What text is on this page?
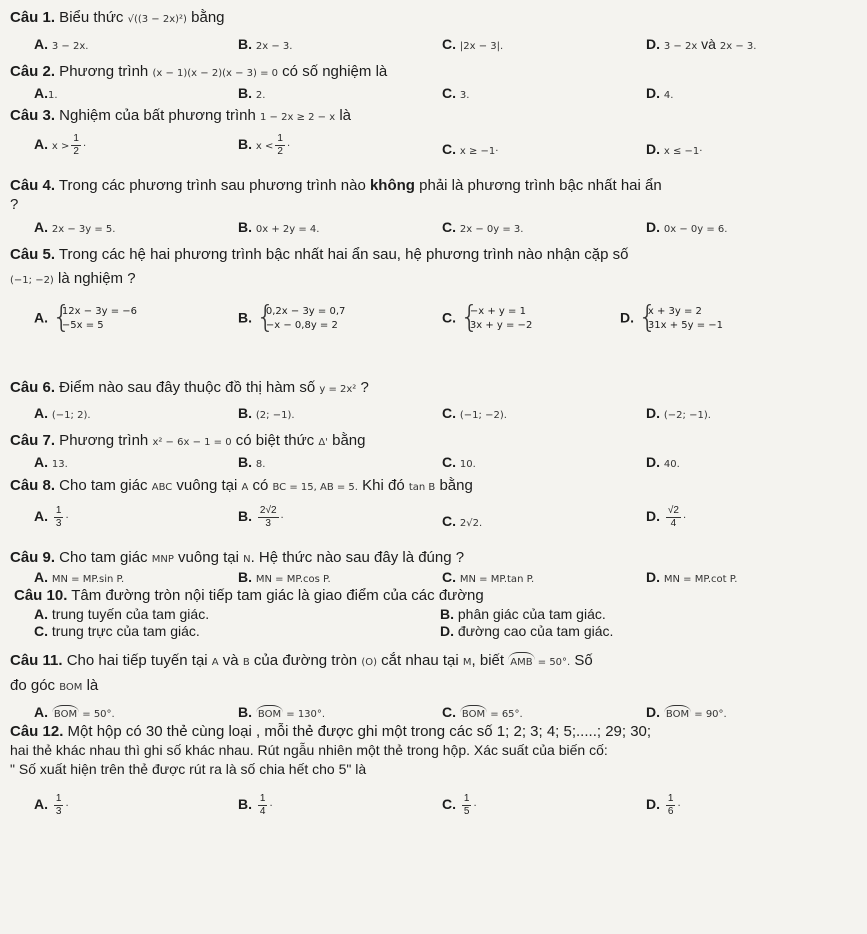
Câu 1. Biểu thức √((3 − 2x)²) bằng
A. 3 − 2x.	B. 2x − 3.	C. |2x − 3|.	D. 3 − 2x và 2x − 3.
Câu 2. Phương trình (x − 1)(x − 2)(x − 3) = 0 có số nghiệm là
A.1.	B. 2.	C. 3.	D. 4.
Câu 3. Nghiệm của bất phương trình 1 − 2x ≥ 2 − x là
A. $x > \frac{1}{2}$ ·	B. $x < \frac{1}{2}$ ·	C. x ≥ −1·	D. x ≤ −1·
Câu 4. Trong các phương trình sau phương trình nào không phải là phương trình bậc nhất hai ẩn
?
A. 2x − 3y = 5.	B. 0x + 2y = 4.	C. 2x − 0y = 3.	D. 0x − 0y = 6.
Câu 5. Trong các hệ hai phương trình bậc nhất hai ẩn sau, hệ phương trình nào nhận cặp số
(−1; −2) là nghiệm ?
A. {
12x − 3y = −6
−5x = 5	B. {
0,2x − 3y = 0,7
−x − 0,8y = 2	C. {
−x + y = 1
3x + y = −2	D. {
x + 3y = 2
31x + 5y = −1
Câu 6. Điểm nào sau đây thuộc đồ thị hàm số y = 2x² ?
A. (−1; 2).	B. (2; −1).	C. (−1; −2).	D. (−2; −1).
Câu 7. Phương trình x² − 6x − 1 = 0 có biệt thức Δ' bằng
A. 13.	B. 8.	C. 10.	D. 40.
Câu 8. Cho tam giác ABC vuông tại A có BC = 15, AB = 5. Khi đó tan B bằng
A. $\frac{1}{3}$ ·	B. $\frac{2√2}{3}$ ·	C. 2√2.	D. $\frac{√2}{4}$ ·
Câu 9. Cho tam giác MNP vuông tại N. Hệ thức nào sau đây là đúng ?
A. MN = MP.sin P.	B. MN = MP.cos P.	C. MN = MP.tan P.	D. MN = MP.cot P.
Câu 10. Tâm đường tròn nội tiếp tam giác là giao điểm của các đường
A. trung tuyến của tam giác.	B. phân giác của tam giác.
C. trung trực của tam giác.	D. đường cao của tam giác.
Câu 11. Cho hai tiếp tuyến tại A và B của đường tròn (O) cắt nhau tại M, biết AMB = 50°. Số
đo góc BOM là
A. BOM = 50°.	B. BOM = 130°.	C. BOM = 65°.	D. BOM = 90°.
Câu 12. Một hộp có 30 thẻ cùng loại , mỗi thẻ được ghi một trong các số 1; 2; 3; 4; 5;.....; 29; 30;
hai thẻ khác nhau thì ghi số khác nhau. Rút ngẫu nhiên một thẻ trong hộp. Xác suất của biến cố:
" Số xuất hiện trên thẻ được rút ra là số chia hết cho 5" là
A. $\frac{1}{3}$ ·	B. $\frac{1}{4}$ ·	C. $\frac{1}{5}$ ·	D. $\frac{1}{6}$ ·
